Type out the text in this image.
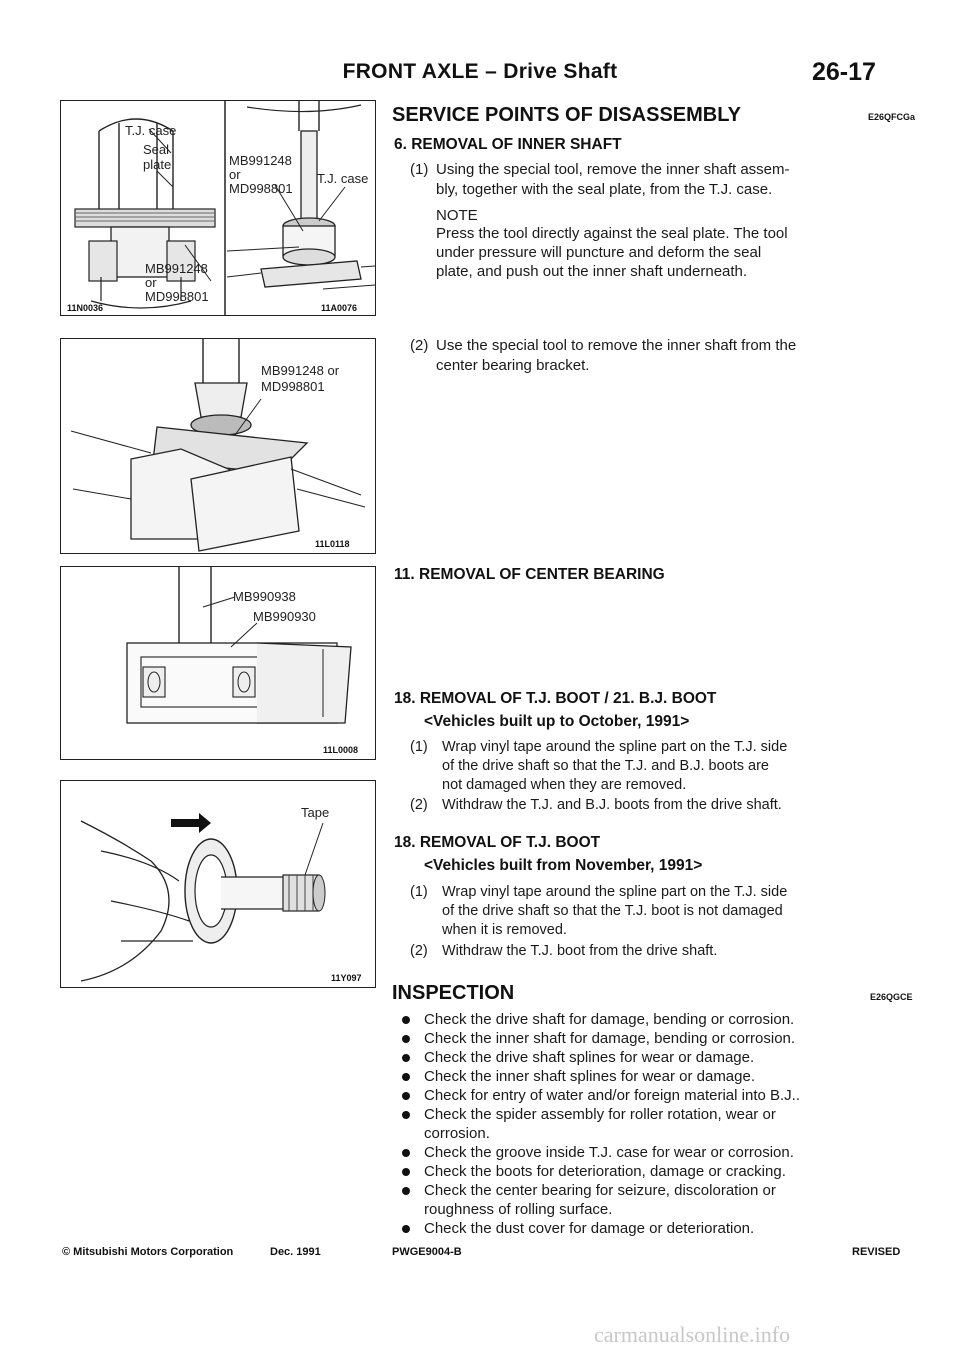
FRONT AXLE – Drive Shaft	26-17
T.J. case
Seal
plate
MB991248
or
MD998801
11N0036
MB991248
or
MD998801
T.J. case
11A0076
MB991248 or
MD998801
11L0118
MB990938
MB990930
11L0008
Tape
11Y097
SERVICE POINTS OF DISASSEMBLY	E26QFCGa
6. REMOVAL OF INNER SHAFT
(1) Using the special tool, remove the inner shaft assem-
bly, together with the seal plate, from the T.J. case.
NOTE
Press the tool directly against the seal plate. The tool
under pressure will puncture and deform the seal
plate, and push out the inner shaft underneath.
(2) Use the special tool to remove the inner shaft from the
center bearing bracket.
11. REMOVAL OF CENTER BEARING
18. REMOVAL OF T.J. BOOT / 21. B.J. BOOT
<Vehicles built up to October, 1991>
(1) Wrap vinyl tape around the spline part on the T.J. side
of the drive shaft so that the T.J. and B.J. boots are
not damaged when they are removed.
(2) Withdraw the T.J. and B.J. boots from the drive shaft.
18. REMOVAL OF T.J. BOOT
<Vehicles built from November, 1991>
(1) Wrap vinyl tape around the spline part on the T.J. side
of the drive shaft so that the T.J. boot is not damaged
when it is removed.
(2) Withdraw the T.J. boot from the drive shaft.
INSPECTION	E26QGCE
Check the drive shaft for damage, bending or corrosion.
Check the inner shaft for damage, bending or corrosion.
Check the drive shaft splines for wear or damage.
Check the inner shaft splines for wear or damage.
Check for entry of water and/or foreign material into B.J..
Check the spider assembly for roller rotation, wear or
corrosion.
Check the groove inside T.J. case for wear or corrosion.
Check the boots for deterioration, damage or cracking.
Check the center bearing for seizure, discoloration or
roughness of rolling surface.
Check the dust cover for damage or deterioration.
© Mitsubishi Motors Corporation	Dec. 1991	PWGE9004-B	REVISED
carmanualsonline.info
